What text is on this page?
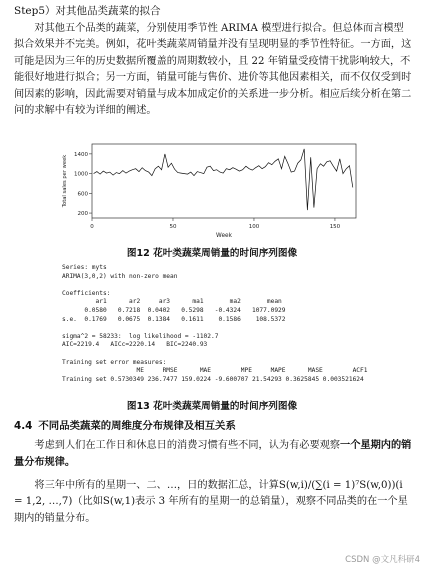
Step5）对其他品类蔬菜的拟合

对其他五个品类的蔬菜，分别使用季节性 ARIMA 模型进行拟合。但总体而言模型拟合效果并不完美。例如，花叶类蔬菜周销量并没有呈现明显的季节性特征。一方面，这可能是因为三年的历史数据所覆盖的周期数较小，且 22 年销量受疫情干扰影响较大，不能很好地进行拟合；另一方面，销量可能与售价、进价等其他因素相关，而不仅仅受到时间因素的影响，因此需要对销量与成本加成定价的关系进一步分析。相应后续分析在第二问的求解中有较为详细的阐述。

0	50	100	150
200
600
1000
1400
Week
Total sales per week
图12 花叶类蔬菜周销量的时间序列图像
Series: myts
ARIMA(3,0,2) with non-zero mean

Coefficients:
ar1      ar2     ar3      ma1       ma2       mean
0.0580   0.7218  0.0402   0.5298   -0.4324   1077.0929
s.e.  0.1769   0.0675  0.1384   0.1611    0.1586    108.5372

sigma^2 = 58233:  log likelihood = -1102.7
AIC=2219.4   AICc=2220.14   BIC=2240.93

Training set error measures:
ME     RMSE      MAE        MPE     MAPE      MASE        ACF1
Training set 0.5730349 236.7477 159.0224 -9.600707 21.54293 0.3625845 0.003521624
图13 花叶类蔬菜周销量的时间序列图像
4.4 不同品类蔬菜的周维度分布规律及相互关系

考虑到人们在工作日和休息日的消费习惯有些不同，认为有必要观察一个星期内的销量分布规律。

将三年中所有的星期一、二、…，日的数据汇总，计算S(w,i)/(∑(i = 1)⁷S(w,0))(i = 1,2, …,7)（比如S(w,1)表示 3 年所有的星期一的总销量），观察不同品类的在一个星期内的销量分布。

CSDN @文凡科研4
